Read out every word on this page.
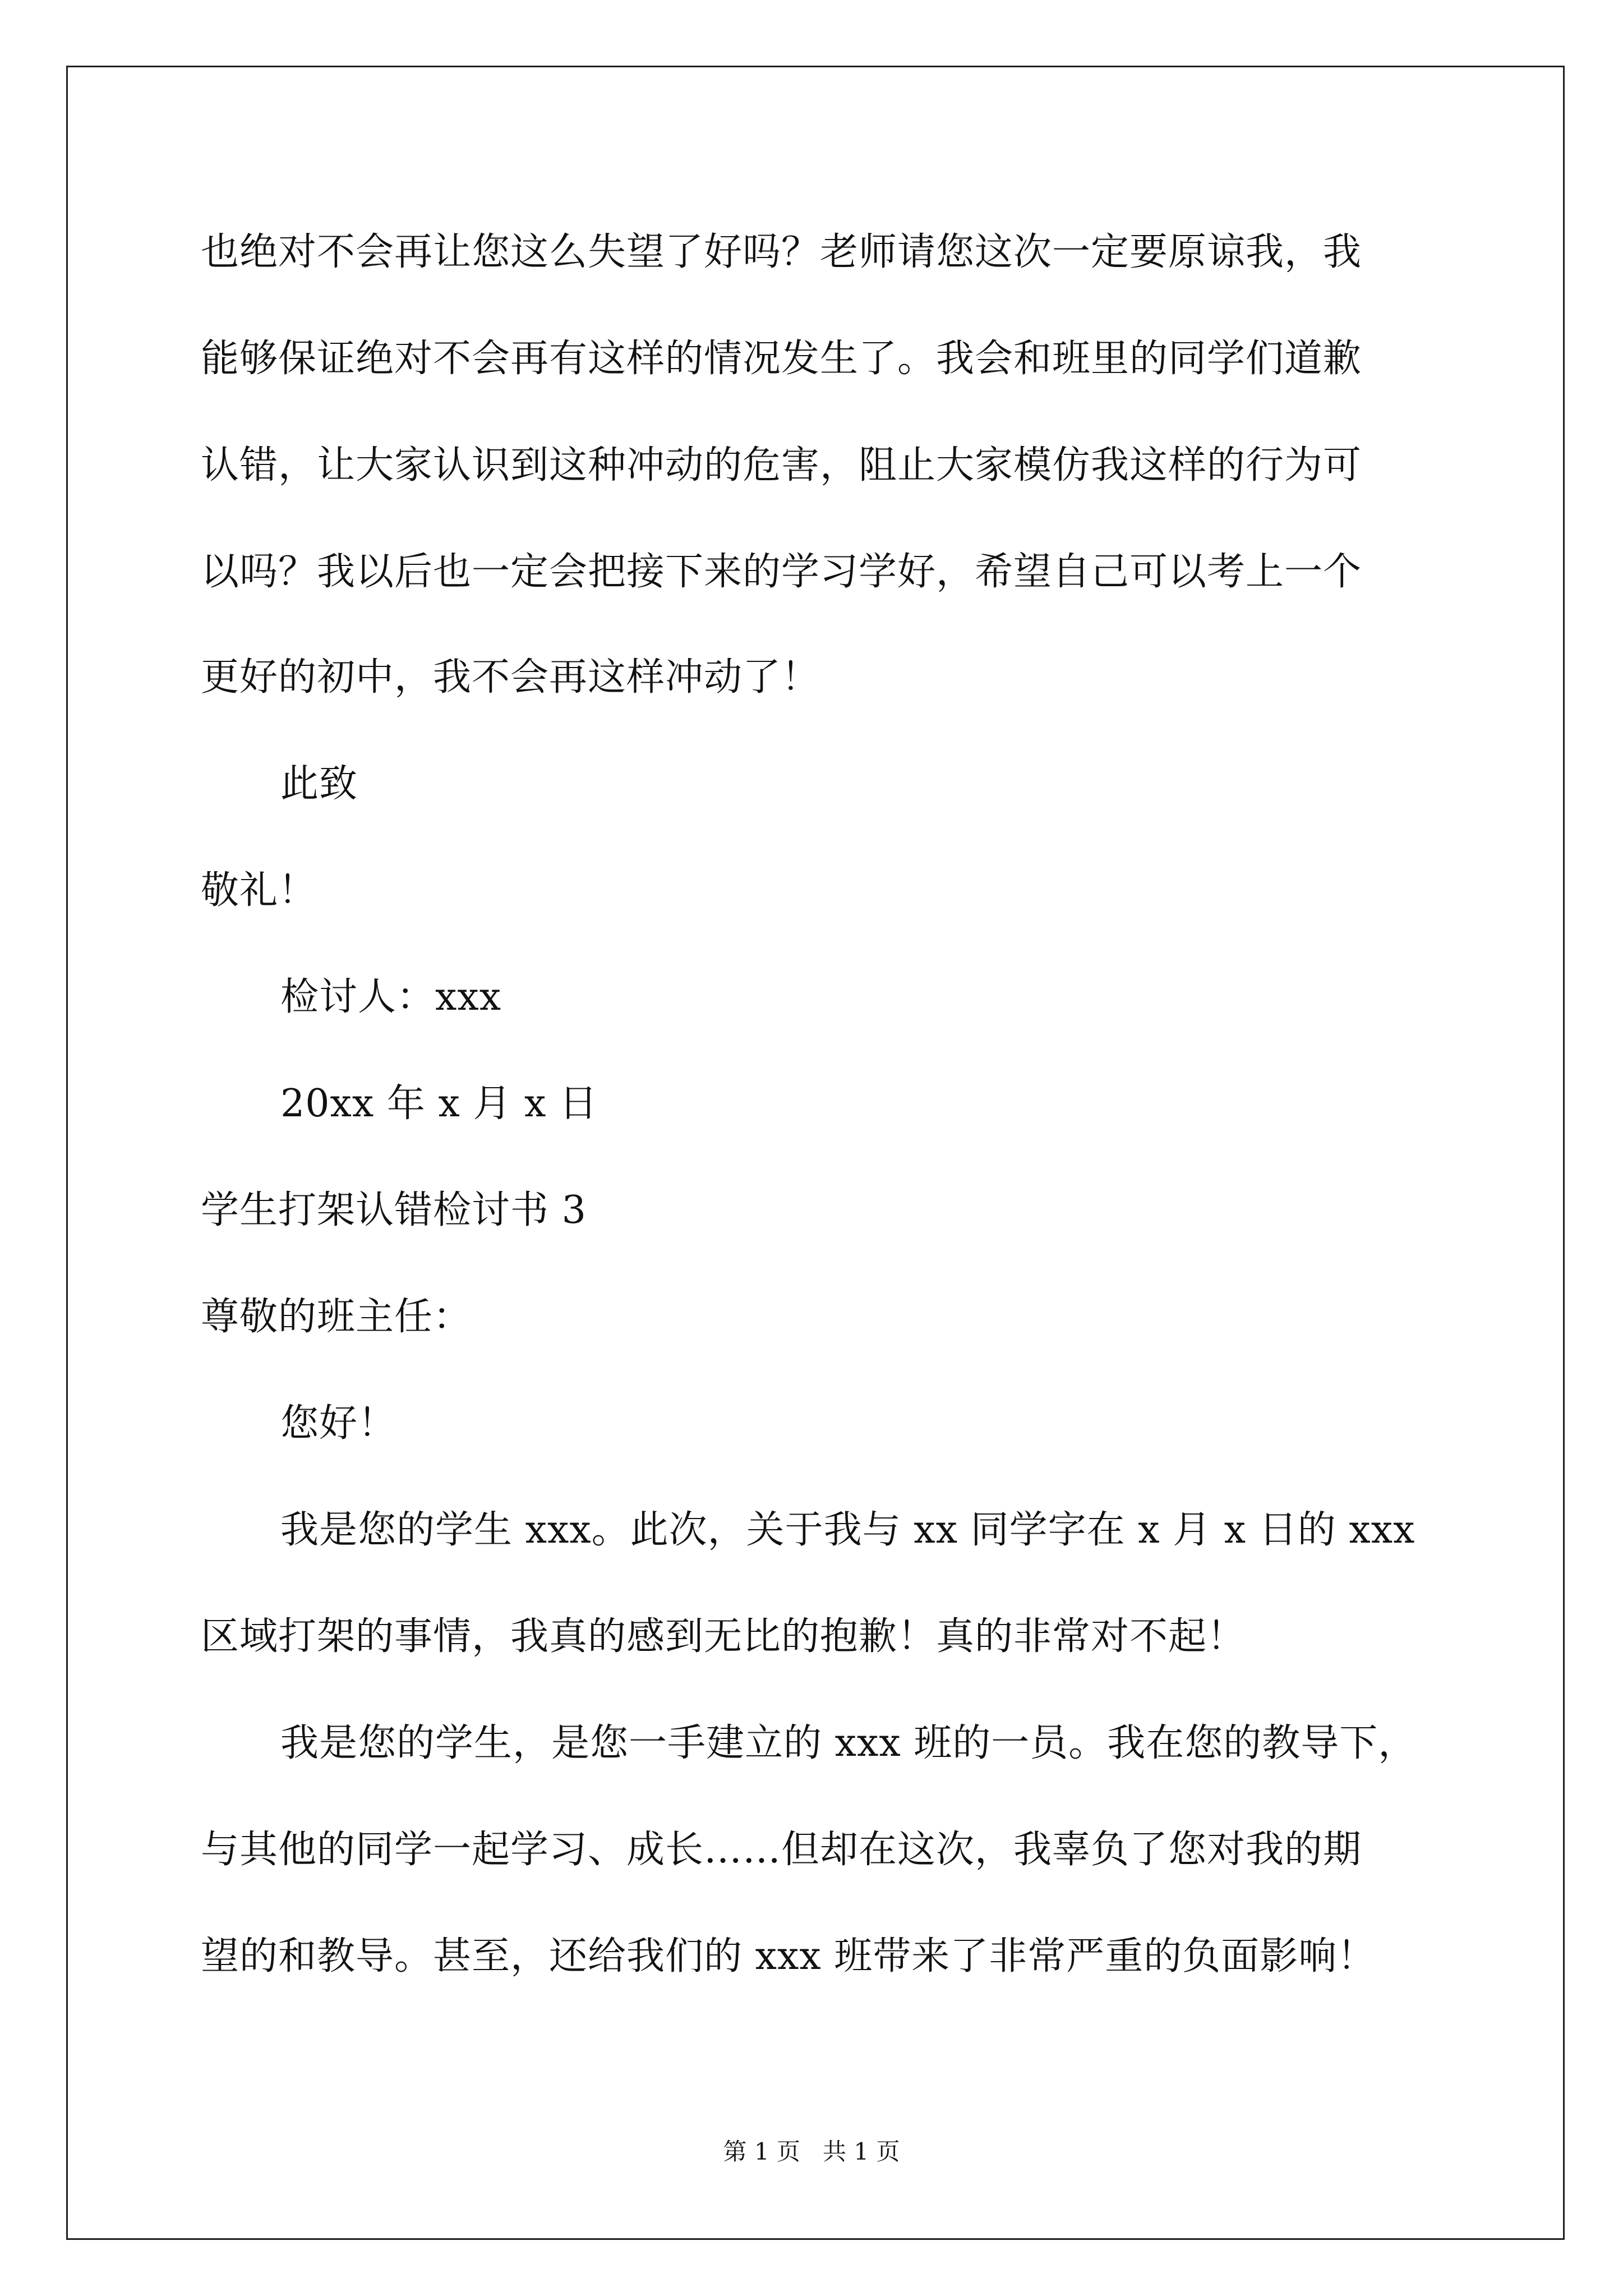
也绝对不会再让您这么失望了好吗？老师请您这次一定要原谅我，我

能够保证绝对不会再有这样的情况发生了。我会和班里的同学们道歉

认错，让大家认识到这种冲动的危害，阻止大家模仿我这样的行为可

以吗？我以后也一定会把接下来的学习学好，希望自己可以考上一个

更好的初中，我不会再这样冲动了！

此致

敬礼！

检讨人：xxx

20xx 年 x 月 x 日

学生打架认错检讨书 3

尊敬的班主任：

您好！

我是您的学生 xxx。此次，关于我与 xx 同学字在 x 月 x 日的 xxx

区域打架的事情，我真的感到无比的抱歉！真的非常对不起！

我是您的学生，是您一手建立的 xxx 班的一员。我在您的教导下，

与其他的同学一起学习、成长……但却在这次，我辜负了您对我的期

望的和教导。甚至，还给我们的 xxx 班带来了非常严重的负面影响！

第 1 页   共 1 页
